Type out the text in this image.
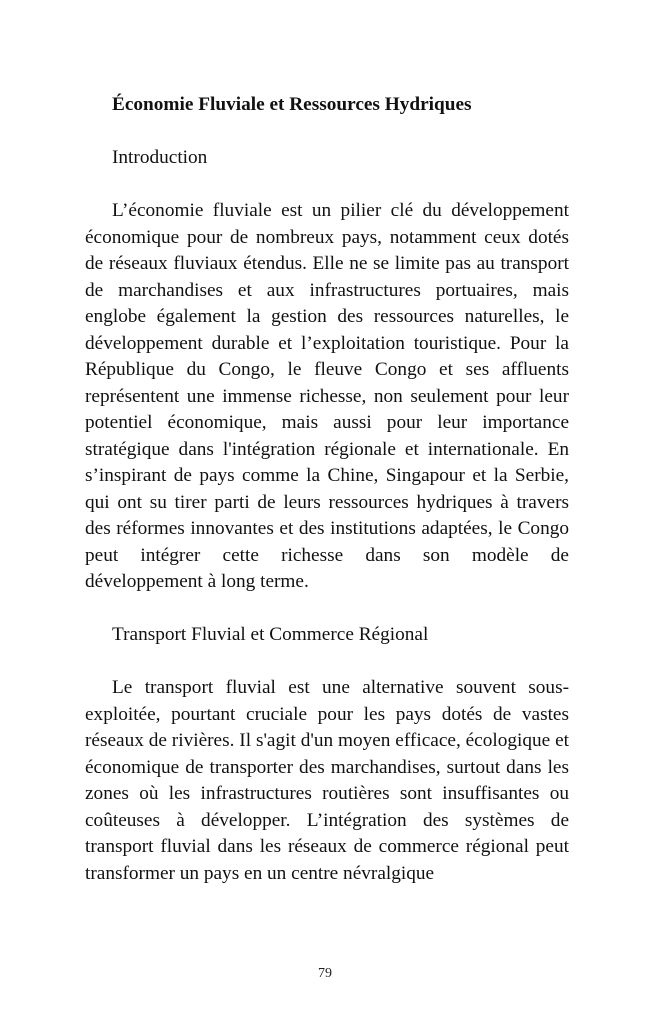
Économie Fluviale et Ressources Hydriques
Introduction

L’économie fluviale est un pilier clé du développement économique pour de nombreux pays, notamment ceux dotés de réseaux fluviaux étendus. Elle ne se limite pas au transport de marchandises et aux infrastructures portuaires, mais englobe également la gestion des ressources naturelles, le développement durable et l’exploitation touristique. Pour la République du Congo, le fleuve Congo et ses affluents représentent une immense richesse, non seulement pour leur potentiel économique, mais aussi pour leur importance stratégique dans l'intégration régionale et internationale. En s’inspirant de pays comme la Chine, Singapour et la Serbie, qui ont su tirer parti de leurs ressources hydriques à travers des réformes innovantes et des institutions adaptées, le Congo peut intégrer cette richesse dans son modèle de développement à long terme.

Transport Fluvial et Commerce Régional

Le transport fluvial est une alternative souvent sous-exploitée, pourtant cruciale pour les pays dotés de vastes réseaux de rivières. Il s'agit d'un moyen efficace, écologique et économique de transporter des marchandises, surtout dans les zones où les infrastructures routières sont insuffisantes ou coûteuses à développer. L’intégration des systèmes de transport fluvial dans les réseaux de commerce régional peut transformer un pays en un centre névralgique

79
